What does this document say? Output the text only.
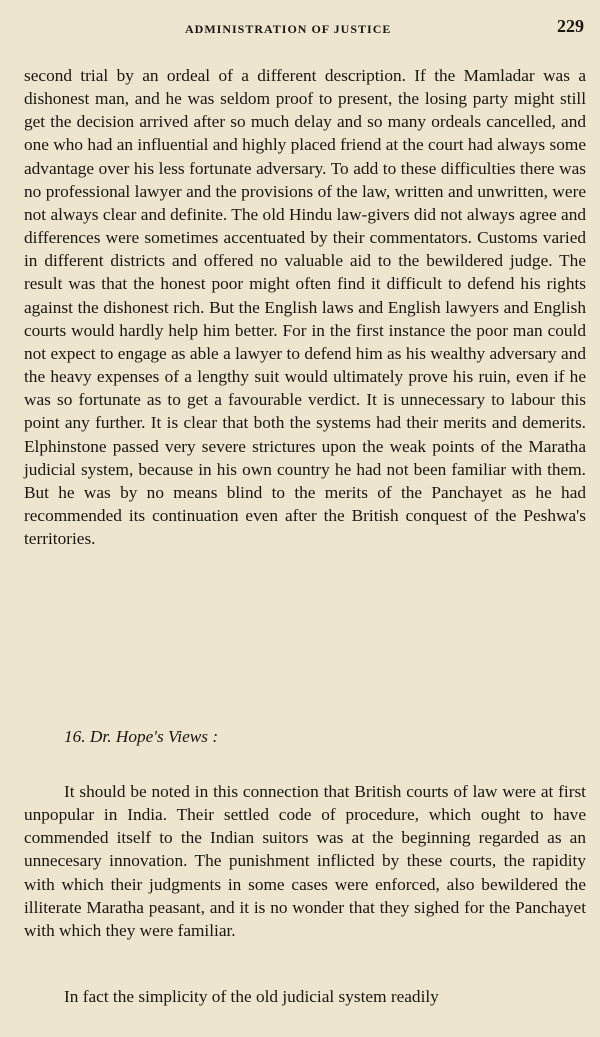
ADMINISTRATION OF JUSTICE	229

second trial by an ordeal of a different description. If the Mamladar was a dishonest man, and he was seldom proof to present, the losing party might still get the decision arrived after so much delay and so many ordeals cancelled, and one who had an influential and highly placed friend at the court had always some advantage over his less fortunate adversary. To add to these difficulties there was no professional lawyer and the provisions of the law, written and unwritten, were not always clear and definite. The old Hindu law-givers did not always agree and differences were sometimes accentuated by their commentators. Customs varied in different districts and offered no valuable aid to the bewildered judge. The result was that the honest poor might often find it difficult to defend his rights against the dishonest rich. But the English laws and English lawyers and English courts would hardly help him better. For in the first instance the poor man could not expect to engage as able a lawyer to defend him as his wealthy adversary and the heavy expenses of a lengthy suit would ultimately prove his ruin, even if he was so fortunate as to get a favourable verdict. It is unnecessary to labour this point any further. It is clear that both the systems had their merits and demerits. Elphinstone passed very severe strictures upon the weak points of the Maratha judicial system, because in his own country he had not been familiar with them. But he was by no means blind to the merits of the Panchayet as he had recommended its continuation even after the British conquest of the Peshwa's territories.

16. Dr. Hope's Views :

It should be noted in this connection that British courts of law were at first unpopular in India. Their settled code of procedure, which ought to have commended itself to the Indian suitors was at the beginning regarded as an unnecesary innovation. The punishment inflicted by these courts, the rapidity with which their judgments in some cases were enforced, also bewildered the illiterate Maratha peasant, and it is no wonder that they sighed for the Panchayet with which they were familiar.

In fact the simplicity of the old judicial system readily
